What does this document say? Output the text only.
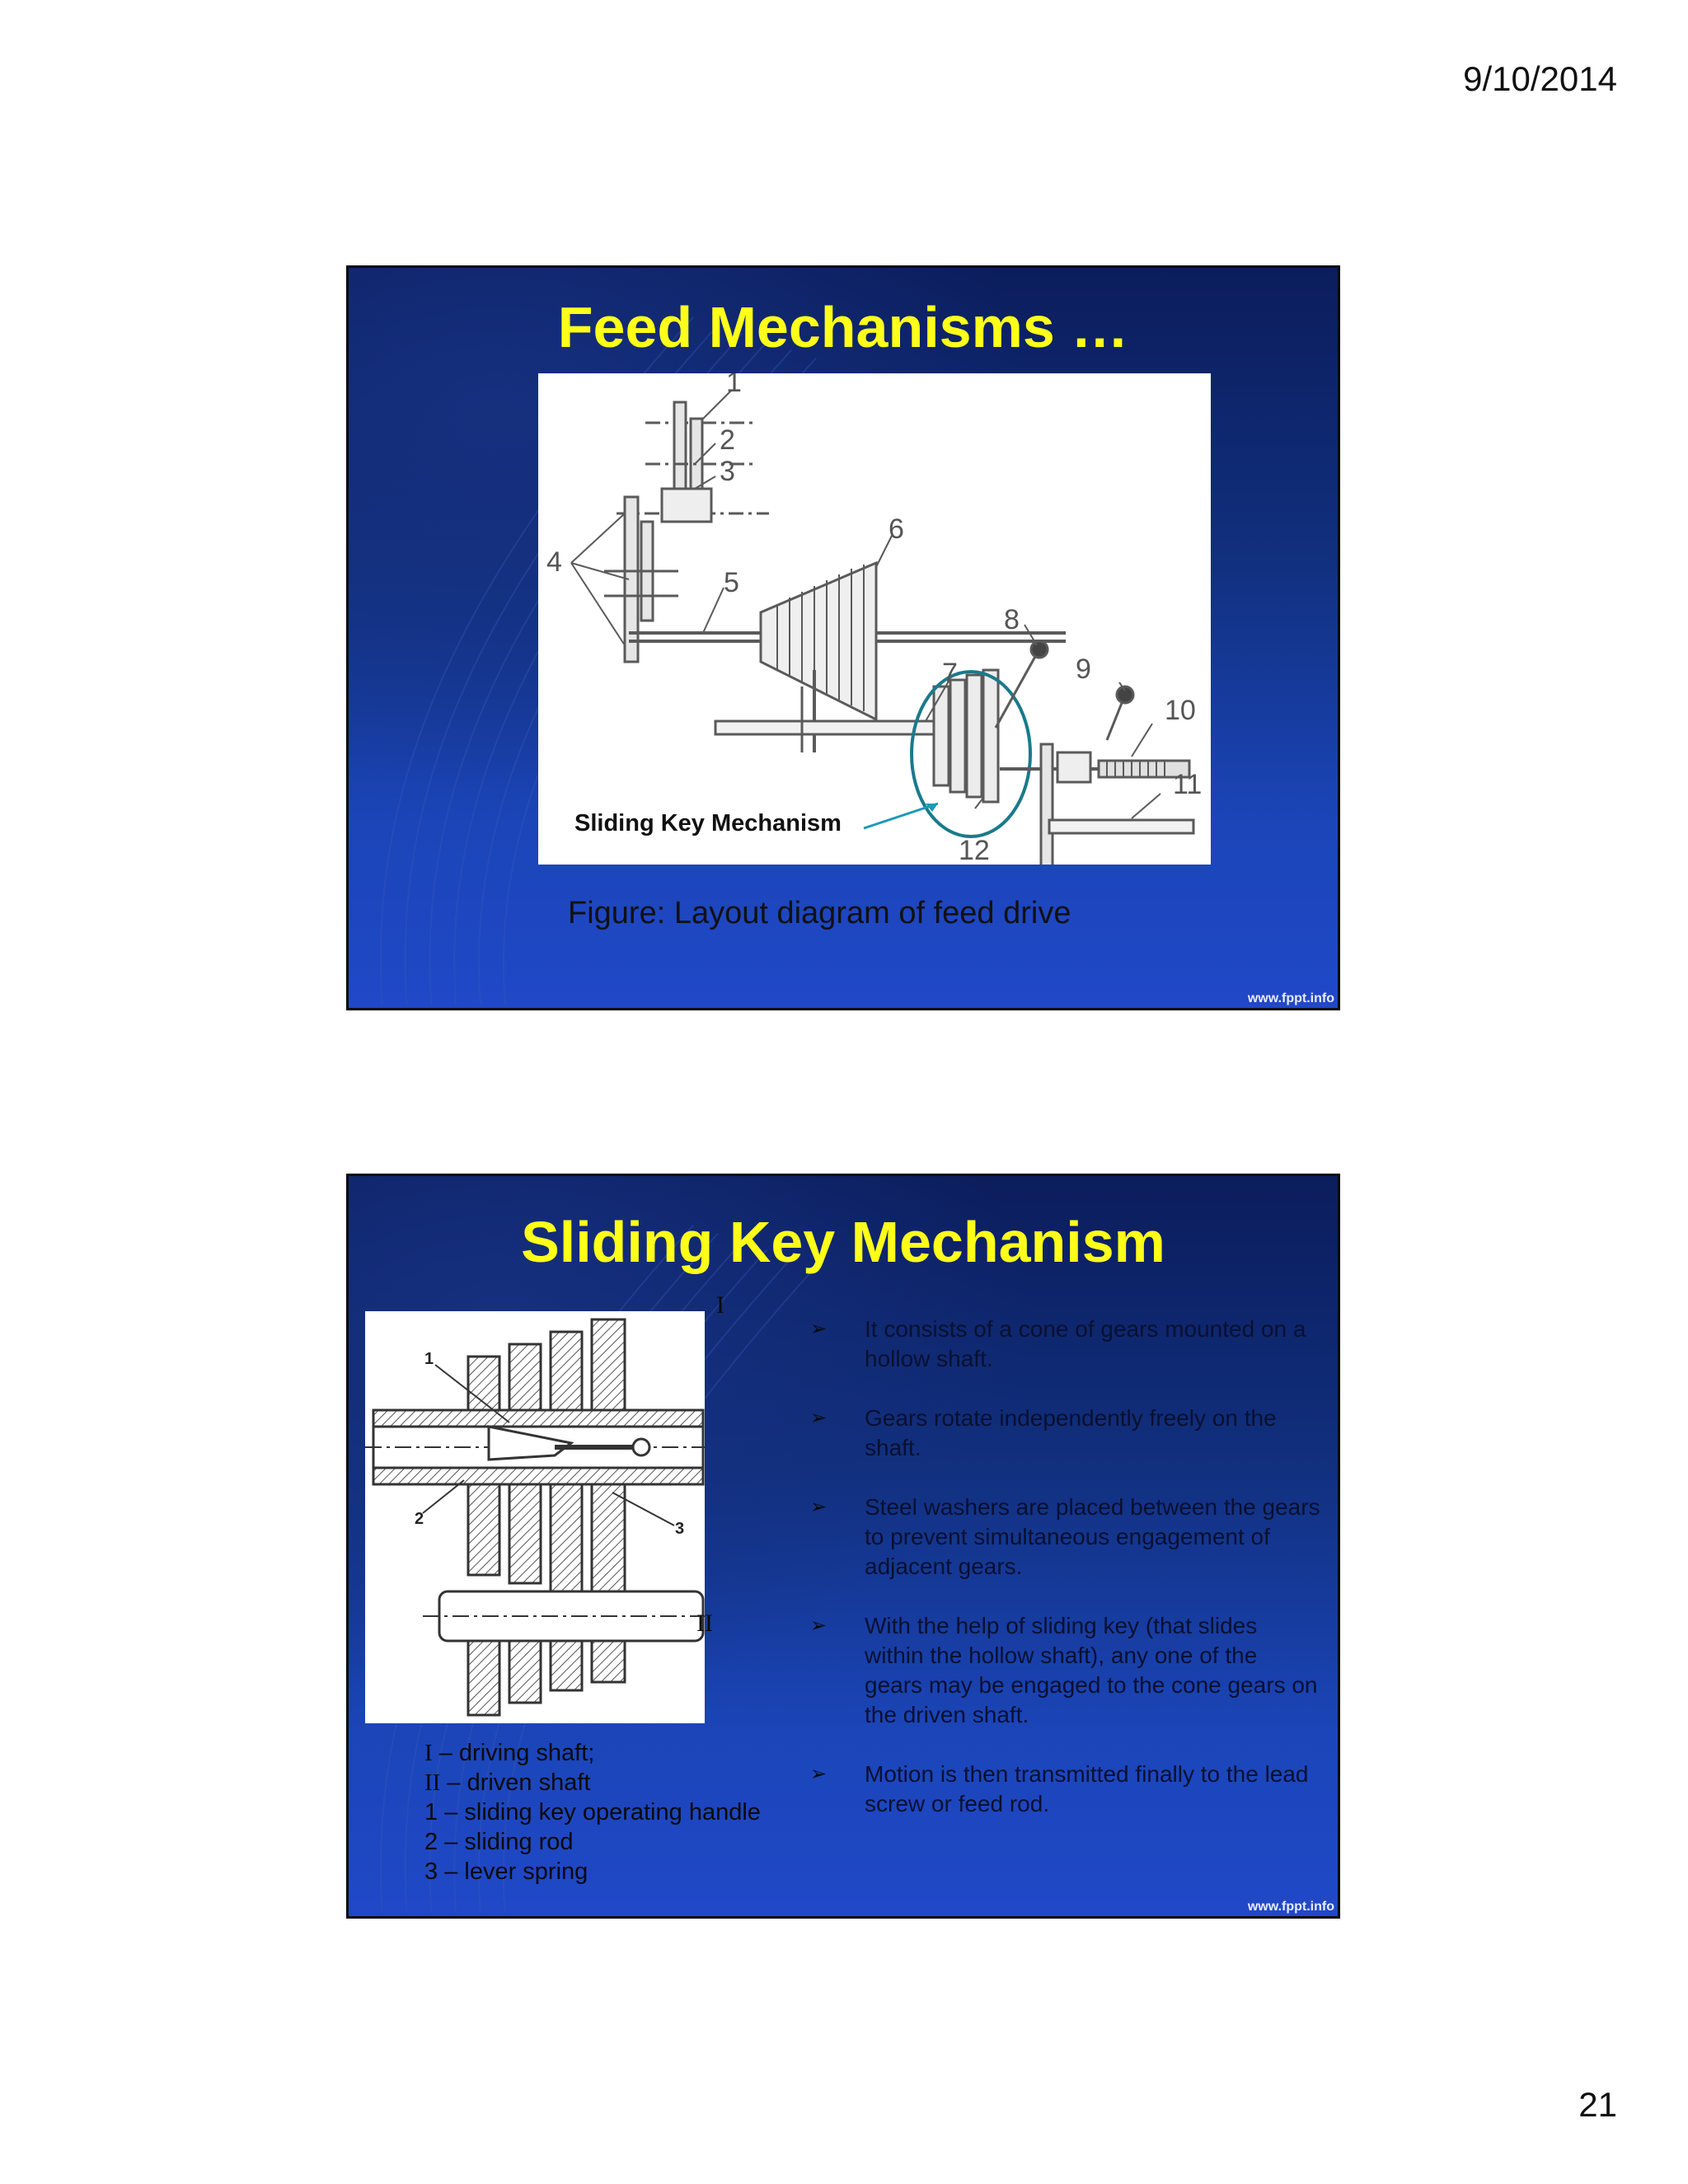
9/10/2014
Feed Mechanisms …
1
2
3
4
5
6
7
8
9
10
11
12
Sliding Key Mechanism
Figure: Layout diagram of feed drive
www.fppt.info
Sliding Key Mechanism
1
2
3
I
II
I – driving shaft;
II – driven shaft
1 – sliding key operating handle
2 – sliding rod
3 – lever spring
➢ It consists of a cone of gears mounted on a hollow shaft.
➢ Gears rotate independently freely on the shaft.
➢ Steel washers are placed between the gears to prevent simultaneous engagement of adjacent gears.
➢ With the help of sliding key (that slides within the hollow shaft), any one of the gears may be engaged to the cone gears on the driven shaft.
➢ Motion is then transmitted finally to the lead screw or feed rod.
www.fppt.info
21
